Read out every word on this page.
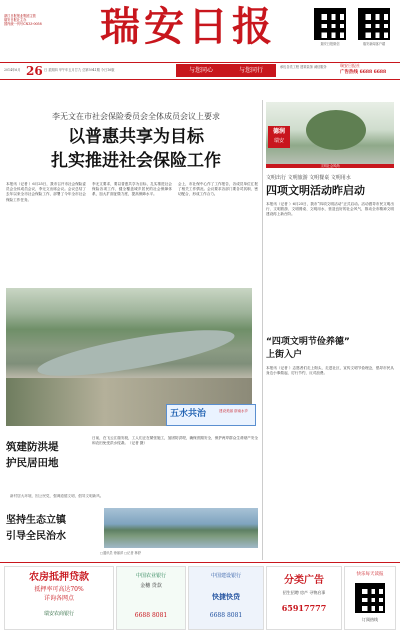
浙江日报报业集团主管
瑞安日报社主办
国内统一刊号CN33-0058	瑞安日报	瑞安日报微信	瑞安新闻客户端
2014年6月 26 日 星期四 甲午年五月廿九 总第5941期 今日16版	与您同心	与您同行	承包各类工程 建筑装饰 诚信服务	瑞安日报社
广告热线 6688 6688
李无文在市社会保险委员会全体成员会议上要求
以普惠共享为目标
扎实推进社会保险工作
本报讯（记者 ）6月25日，我市召开市社会保险委员会全体成员会议，李无文出席会议。会议总结了去年以来全市社会保险工作，部署了今年全市社会保险工作任务。
李无文要求，要以普惠共享为目标，扎实推进社会保险各项工作，健全覆盖城乡居民的社会保障体系，加大扩面征缴力度，提高保障水平。
会上，市社保中心作了工作报告，各成员单位汇报了相关工作情况。会议要求各部门要各司其职、密切配合，形成工作合力。
五水共治	建设美丽 浙南水乡
筑建防洪堤
护民居田地
日前，在飞云江瑞安段，工人们正在紧张施工，加固防洪堤，确保汛期安全，保护两岸群众生命财产安全和农田免受洪水侵袭。（记者 摄）
新村居大环境，因公民党，强调道德文明，倡导文明新风。
坚持生态立镇
引导全民治水
□通讯员 徐丽萍 □记者 林舒
德润
瑞安
文明社会风尚
文明出行 文明旅游 文明餐桌 文明用水
四项文明活动昨启动
本报讯（记者 ）6月25日，我市“四项文明活动”正式启动。活动倡导市民文明出行、文明旅游、文明餐桌、文明用水，营造良好的社会风气，推动全市精神文明建设再上新台阶。
“四项文明节俭养德”
上街入户
本报讯（记者 ）志愿者们走上街头，走进社区，宣传文明节俭理念，倡导市民从身边小事做起，厉行节约，反对浪费。
农房抵押贷款
抵押率可高达70%
详询各网点
瑞安农商银行
中国农业银行
金穗 贷款
6688 8081
中国建设银行
快捷快贷
6688 8081
分类广告
招生招聘 房产 寻物启事
65917777
快乐每天读报
订阅热线
